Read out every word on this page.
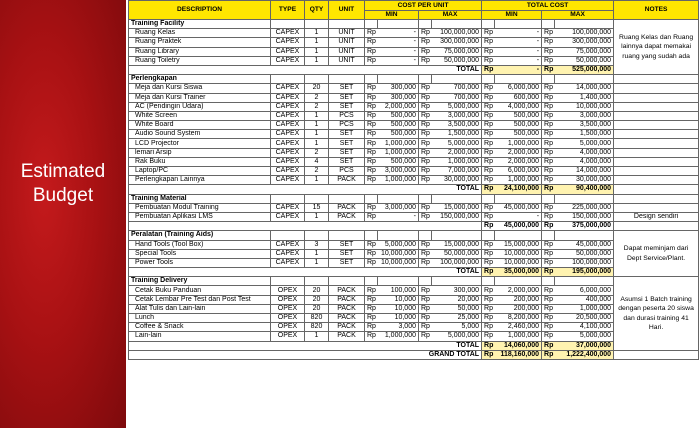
Estimated
Budget
DESCRIPTION	TYPE	QTY	UNIT	COST PER UNIT				TOTAL COST				NOTES
				MIN		MAX		MIN		MAX		
Training Facility												Ruang Kelas dan Ruang lainnya dapat memakai ruang yang sudah ada
Ruang Kelas	CAPEX	1	UNIT	Rp	-	Rp	100,000,000	Rp	-	Rp	100,000,000	
Ruang Praktek	CAPEX	1	UNIT	Rp	-	Rp	300,000,000	Rp	-	Rp	300,000,000	
Ruang Library	CAPEX	1	UNIT	Rp	-	Rp	75,000,000	Rp	-	Rp	75,000,000	
Ruang Toiletry	CAPEX	1	UNIT	Rp	-	Rp	50,000,000	Rp	-	Rp	50,000,000	
TOTAL								Rp	-	Rp	525,000,000	
Perlengkapan												
Meja dan Kursi Siswa	CAPEX	20	SET	Rp	300,000	Rp	700,000	Rp	6,000,000	Rp	14,000,000	
Meja dan Kursi Trainer	CAPEX	2	SET	Rp	300,000	Rp	700,000	Rp	600,000	Rp	1,400,000	
AC (Pendingin Udara)	CAPEX	2	SET	Rp	2,000,000	Rp	5,000,000	Rp	4,000,000	Rp	10,000,000	
White Screen	CAPEX	1	PCS	Rp	500,000	Rp	3,000,000	Rp	500,000	Rp	3,000,000	
White Board	CAPEX	1	PCS	Rp	500,000	Rp	3,500,000	Rp	500,000	Rp	3,500,000	
Audio Sound System	CAPEX	1	SET	Rp	500,000	Rp	1,500,000	Rp	500,000	Rp	1,500,000	
LCD Projector	CAPEX	1	SET	Rp	1,000,000	Rp	5,000,000	Rp	1,000,000	Rp	5,000,000	
lemari Arsip	CAPEX	2	SET	Rp	1,000,000	Rp	2,000,000	Rp	2,000,000	Rp	4,000,000	
Rak Buku	CAPEX	4	SET	Rp	500,000	Rp	1,000,000	Rp	2,000,000	Rp	4,000,000	
Laptop/PC	CAPEX	2	PCS	Rp	3,000,000	Rp	7,000,000	Rp	6,000,000	Rp	14,000,000	
Perlengkapan Lainnya	CAPEX	1	PACK	Rp	1,000,000	Rp	30,000,000	Rp	1,000,000	Rp	30,000,000	
TOTAL								Rp	24,100,000	Rp	90,400,000	
Training Material												
Pembuatan Modul Training	CAPEX	15	PACK	Rp	3,000,000	Rp	15,000,000	Rp	45,000,000	Rp	225,000,000	
Pembuatan Aplikasi LMS	CAPEX	1	PACK	Rp	-	Rp	150,000,000	Rp	-	Rp	150,000,000	Design sendiri
								Rp	45,000,000	Rp	375,000,000	
Peralatan (Training Aids)												Dapat meminjam dari Dept Service/Plant.
Hand Tools (Tool Box)	CAPEX	3	SET	Rp	5,000,000	Rp	15,000,000	Rp	15,000,000	Rp	45,000,000	
Special Tools	CAPEX	1	SET	Rp	10,000,000	Rp	50,000,000	Rp	10,000,000	Rp	50,000,000	
Power Tools	CAPEX	1	SET	Rp	10,000,000	Rp	100,000,000	Rp	10,000,000	Rp	100,000,000	
TOTAL								Rp	35,000,000	Rp	195,000,000	
Training Delivery												Asumsi 1 Batch training dengan peserta 20 siswa dan durasi training 41 Hari.
Cetak Buku Panduan	OPEX	20	PACK	Rp	100,000	Rp	300,000	Rp	2,000,000	Rp	6,000,000	
Cetak Lembar Pre Test dan Post Test	OPEX	20	PACK	Rp	10,000	Rp	20,000	Rp	200,000	Rp	400,000	
Alat Tulis dan Lain-lain	OPEX	20	PACK	Rp	10,000	Rp	50,000	Rp	200,000	Rp	1,000,000	
Lunch	OPEX	820	PACK	Rp	10,000	Rp	25,000	Rp	8,200,000	Rp	20,500,000	
Coffee & Snack	OPEX	820	PACK	Rp	3,000	Rp	5,000	Rp	2,460,000	Rp	4,100,000	
Lain-lain	OPEX	1	PACK	Rp	1,000,000	Rp	5,000,000	Rp	1,000,000	Rp	5,000,000	
TOTAL								Rp	14,060,000	Rp	37,000,000	
GRAND TOTAL								Rp	118,160,000	Rp	1,222,400,000	
